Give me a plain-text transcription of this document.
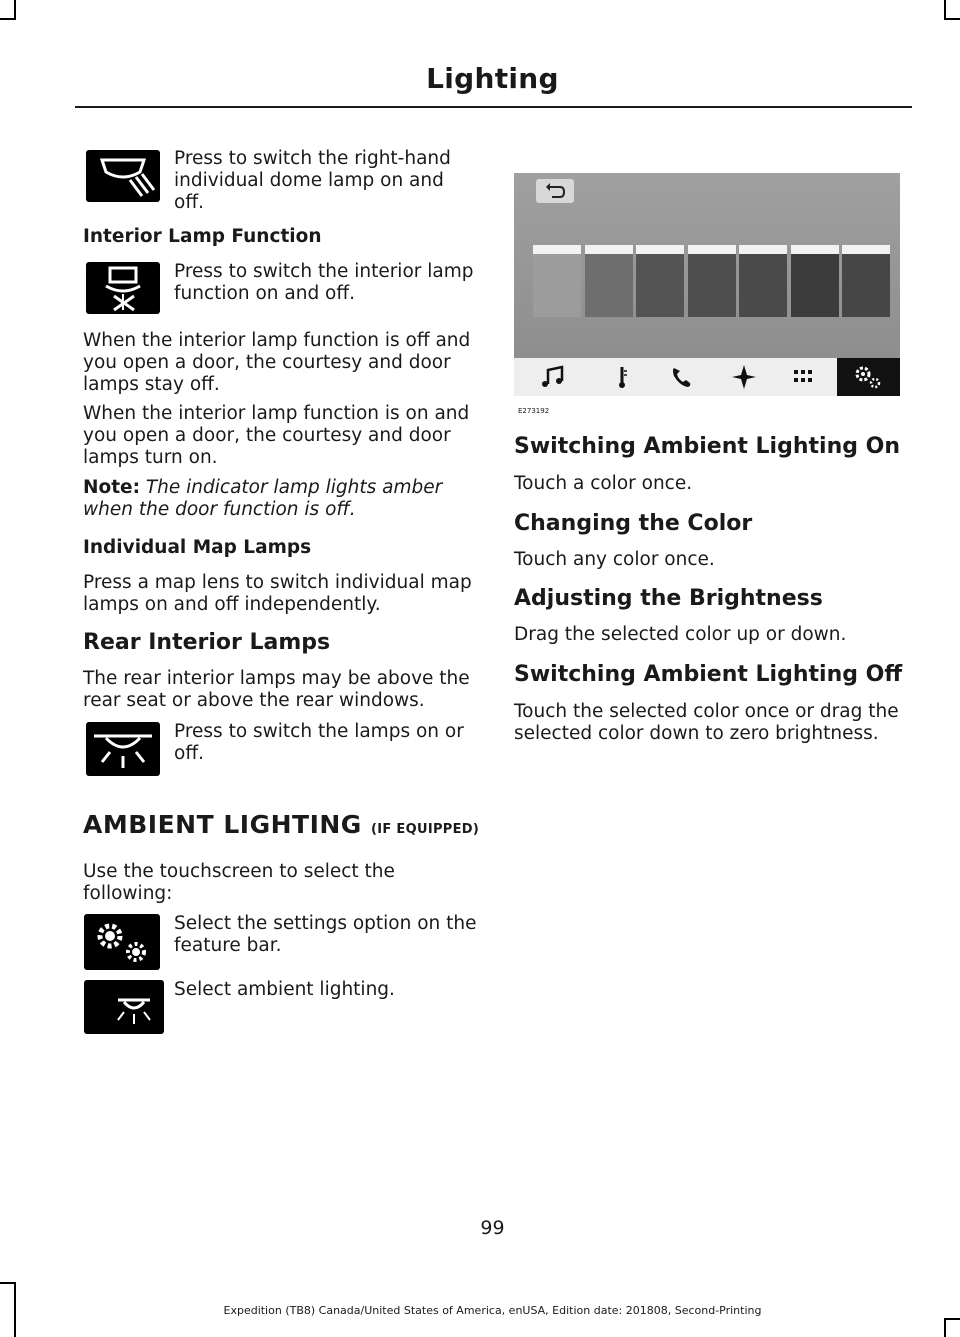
Lighting

Press to switch the right-hand individual dome lamp on and off.

Interior Lamp Function

Press to switch the interior lamp function on and off.

When the interior lamp function is off and you open a door, the courtesy and door lamps stay off.

When the interior lamp function is on and you open a door, the courtesy and door lamps turn on.

Note: The indicator lamp lights amber when the door function is off.

Individual Map Lamps

Press a map lens to switch individual map lamps on and off independently.

Rear Interior Lamps

The rear interior lamps may be above the rear seat or above the rear windows.

Press to switch the lamps on or off.

AMBIENT LIGHTING (IF EQUIPPED)

Use the touchscreen to select the following:

Select the settings option on the feature bar.

Select ambient lighting.

E273192

Switching Ambient Lighting On

Touch a color once.

Changing the Color

Touch any color once.

Adjusting the Brightness

Drag the selected color up or down.

Switching Ambient Lighting Off

Touch the selected color once or drag the selected color down to zero brightness.

99
Expedition (TB8) Canada/United States of America, enUSA, Edition date: 201808, Second-Printing
